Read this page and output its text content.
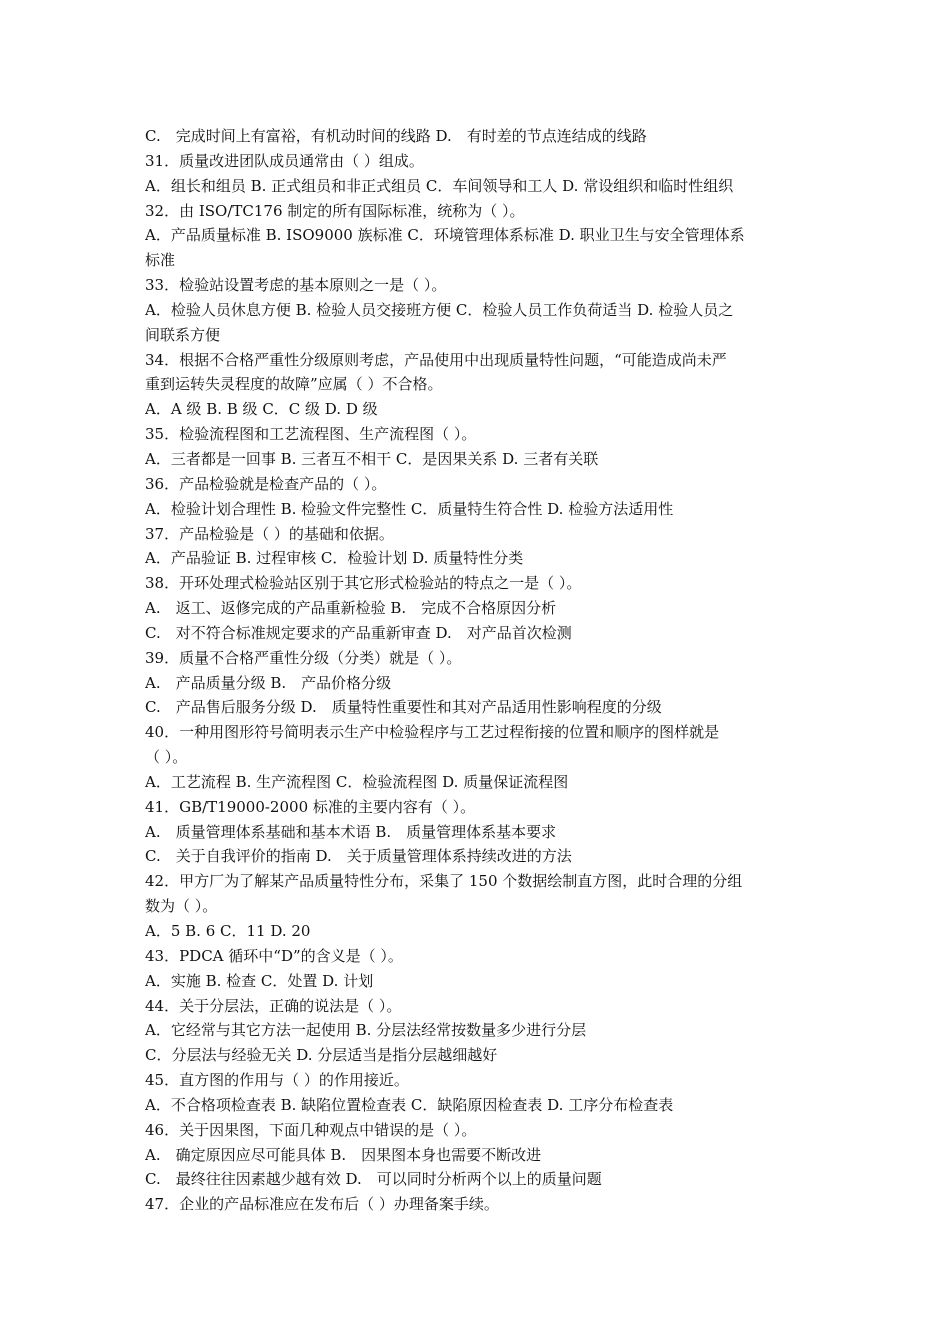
C.　完成时间上有富裕，有机动时间的线路 D.　有时差的节点连结成的线路
31．质量改进团队成员通常由（ ）组成。
A．组长和组员 B. 正式组员和非正式组员 C．车间领导和工人 D. 常设组织和临时性组织
32．由 ISO/TC176 制定的所有国际标准，统称为（ ）。
A．产品质量标准 B. ISO9000 族标准 C．环境管理体系标准 D. 职业卫生与安全管理体系
标准
33．检验站设置考虑的基本原则之一是（ ）。
A．检验人员休息方便 B. 检验人员交接班方便 C．检验人员工作负荷适当 D. 检验人员之
间联系方便
34．根据不合格严重性分级原则考虑，产品使用中出现质量特性问题，“可能造成尚未严
重到运转失灵程度的故障”应属（ ）不合格。
A．A 级 B. B 级 C．C 级 D. D 级
35．检验流程图和工艺流程图、生产流程图（ ）。
A．三者都是一回事 B. 三者互不相干 C．是因果关系 D. 三者有关联
36．产品检验就是检查产品的（ ）。
A．检验计划合理性 B. 检验文件完整性 C．质量特生符合性 D. 检验方法适用性
37．产品检验是（ ）的基础和依据。
A．产品验证 B. 过程审核 C．检验计划 D. 质量特性分类
38．开环处理式检验站区别于其它形式检验站的特点之一是（ ）。
A.　返工、返修完成的产品重新检验 B.　完成不合格原因分析
C.　对不符合标准规定要求的产品重新审查 D.　对产品首次检测
39．质量不合格严重性分级（分类）就是（ ）。
A.　产品质量分级 B.　产品价格分级
C.　产品售后服务分级 D.　质量特性重要性和其对产品适用性影响程度的分级
40．一种用图形符号简明表示生产中检验程序与工艺过程衔接的位置和顺序的图样就是
（ ）。
A．工艺流程 B. 生产流程图 C．检验流程图 D. 质量保证流程图
41．GB/T19000-2000 标准的主要内容有（ ）。
A.　质量管理体系基础和基本术语 B.　质量管理体系基本要求
C.　关于自我评价的指南 D.　关于质量管理体系持续改进的方法
42．甲方厂为了解某产品质量特性分布，采集了 150 个数据绘制直方图，此时合理的分组
数为（ ）。
A．5 B. 6 C．11 D. 20
43．PDCA 循环中“D”的含义是（ ）。
A．实施 B. 检查 C．处置 D. 计划
44．关于分层法，正确的说法是（ ）。
A．它经常与其它方法一起使用 B. 分层法经常按数量多少进行分层
C．分层法与经验无关 D. 分层适当是指分层越细越好
45．直方图的作用与（ ）的作用接近。
A．不合格项检查表 B. 缺陷位置检查表 C．缺陷原因检查表 D. 工序分布检查表
46．关于因果图，下面几种观点中错误的是（ ）。
A.　确定原因应尽可能具体 B.　因果图本身也需要不断改进
C.　最终往往因素越少越有效 D.　可以同时分析两个以上的质量问题
47．企业的产品标准应在发布后（ ）办理备案手续。
